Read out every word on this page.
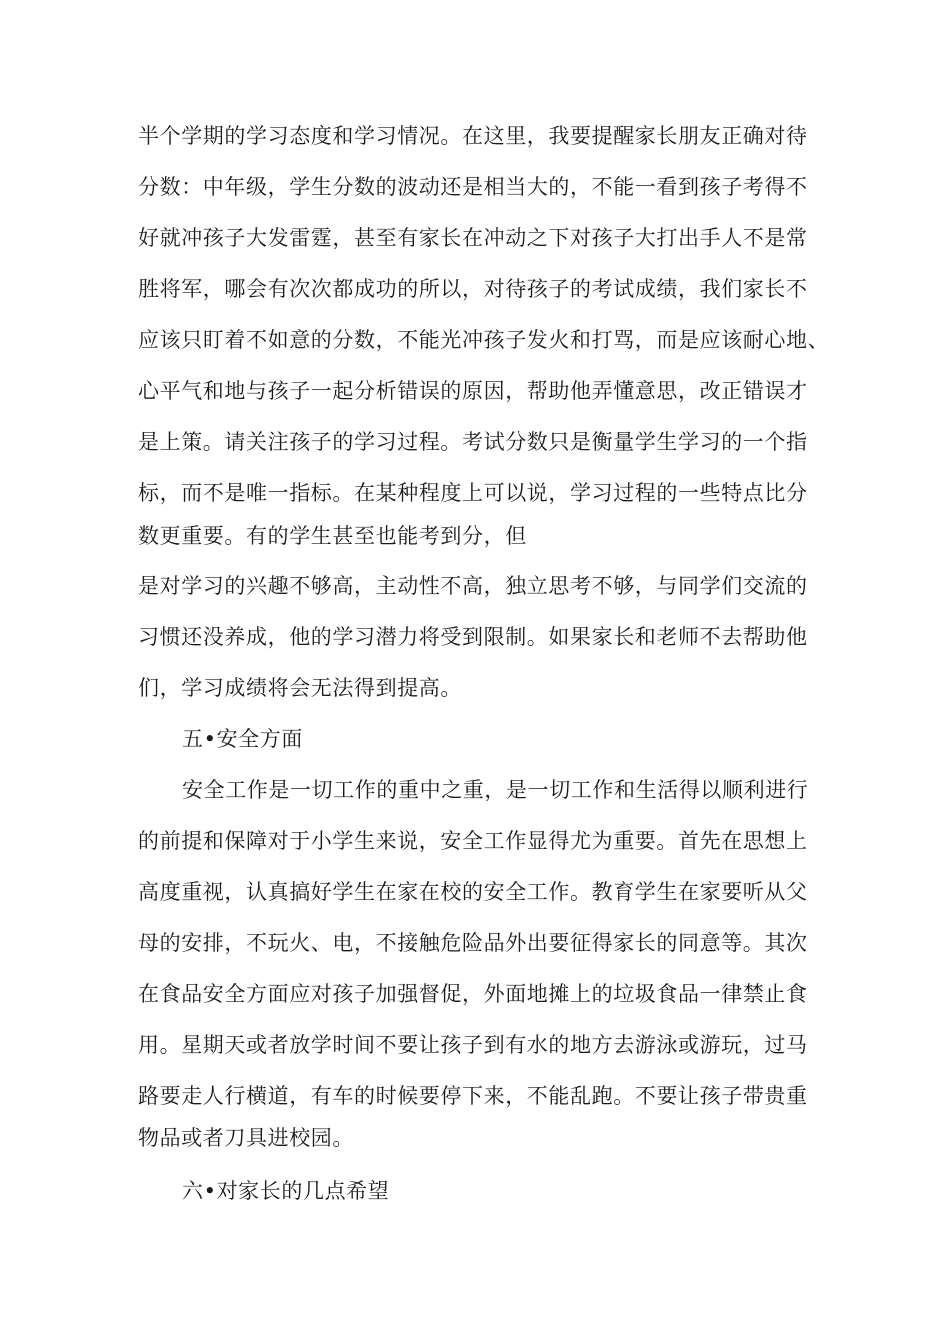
半个学期的学习态度和学习情况。在这里，我要提醒家长朋友正确对待
分数：中年级，学生分数的波动还是相当大的，不能一看到孩子考得不
好就冲孩子大发雷霆，甚至有家长在冲动之下对孩子大打出手人不是常
胜将军，哪会有次次都成功的所以，对待孩子的考试成绩，我们家长不
应该只盯着不如意的分数，不能光冲孩子发火和打骂，而是应该耐心地、
心平气和地与孩子一起分析错误的原因，帮助他弄懂意思，改正错误才
是上策。请关注孩子的学习过程。考试分数只是衡量学生学习的一个指
标，而不是唯一指标。在某种程度上可以说，学习过程的一些特点比分
数更重要。有的学生甚至也能考到分，但
是对学习的兴趣不够高，主动性不高，独立思考不够，与同学们交流的
习惯还没养成，他的学习潜力将受到限制。如果家长和老师不去帮助他
们，学习成绩将会无法得到提高。
五•安全方面
安全工作是一切工作的重中之重，是一切工作和生活得以顺利进行
的前提和保障对于小学生来说，安全工作显得尤为重要。首先在思想上
高度重视，认真搞好学生在家在校的安全工作。教育学生在家要听从父
母的安排，不玩火、电，不接触危险品外出要征得家长的同意等。其次
在食品安全方面应对孩子加强督促，外面地摊上的垃圾食品一律禁止食
用。星期天或者放学时间不要让孩子到有水的地方去游泳或游玩，过马
路要走人行横道，有车的时候要停下来，不能乱跑。不要让孩子带贵重
物品或者刀具进校园。
六•对家长的几点希望
